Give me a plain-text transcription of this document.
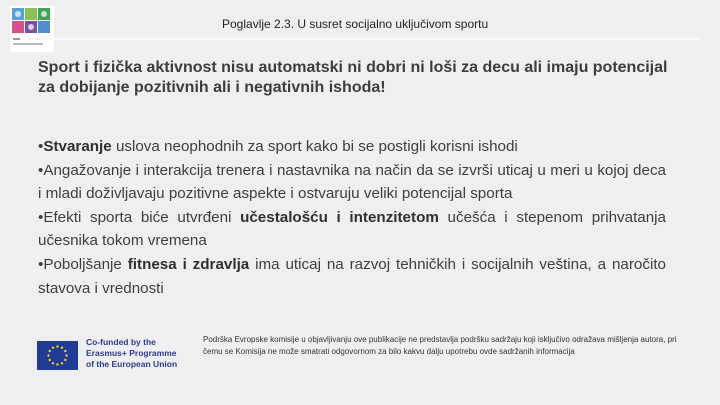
Poglavlje 2.3. U susret socijalno uključivom sportu
Sport i fizička aktivnost nisu automatski ni dobri ni loši za decu ali imaju potencijal za dobijanje pozitivnih ali i negativnih ishoda!

•Stvaranje uslova neophodnih za sport kako bi se postigli korisni ishodi

•Angažovanje i interakcija trenera i nastavnika na način da se izvrši uticaj u meri u kojoj deca i mladi doživljavaju pozitivne aspekte i ostvaruju veliki potencijal sporta

•Efekti sporta biće utvrđeni učestalošću i intenzitetom učešća i stepenom prihvatanja učesnika tokom vremena

•Poboljšanje fitnesa i zdravlja ima uticaj na razvoj tehničkih i socijalnih veština, a naročito stavova i vrednosti

Co-funded by the
Erasmus+ Programme
of the European Union
Podrška Evropske komisije u objavljivanju ove publikacije ne predstavlja podršku sadržaju koji isključivo odražava mišljenja autora, pri čemu se Komisija ne može smatrati odgovornom za bilo kakvu dalju upotrebu ovde sadržanih informacija
